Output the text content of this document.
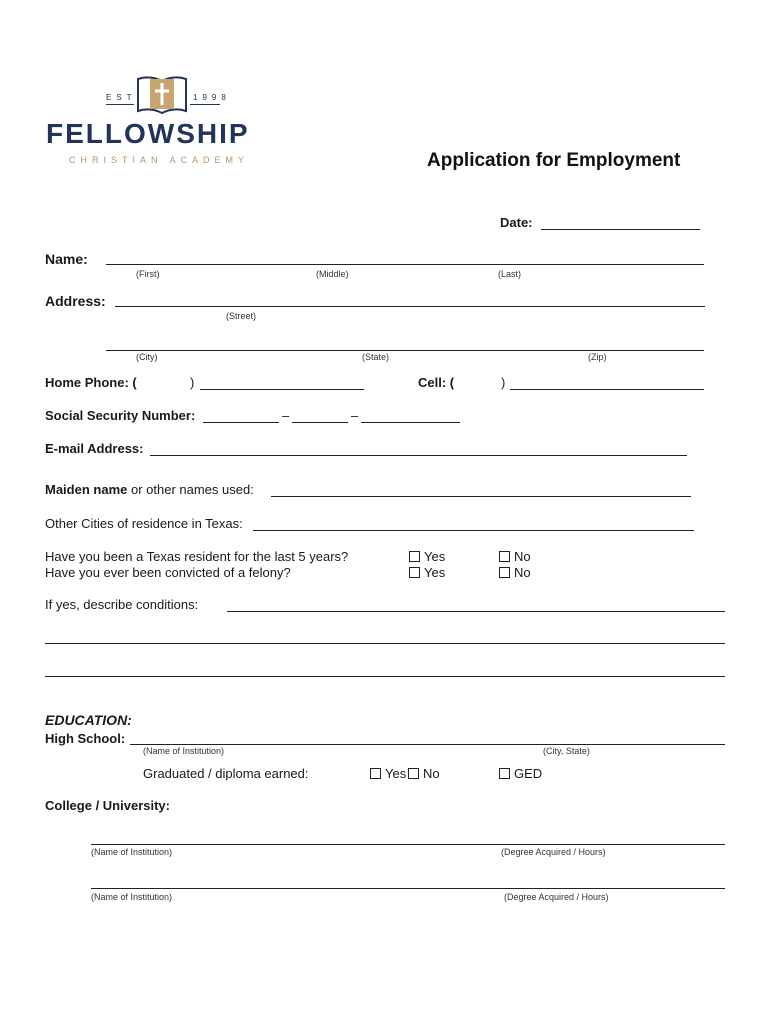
EST	1998
FELLOWSHIP
CHRISTIAN ACADEMY	Application for Employment
Date:
Name:
(First)	(Middle)	(Last)
Address:
(Street)
(City)	(State)	(Zip)
Home Phone: (	)	Cell: (	)
Social Security Number:	–	–
E-mail Address:
Maiden name or other names used:
Other Cities of residence in Texas:
Have you been a Texas resident for the last 5 years?	Yes	No
Have you ever been convicted of a felony?	Yes	No
If yes, describe conditions:
EDUCATION:
High School:
(Name of Institution)	(City, State)
Graduated / diploma earned:	Yes	No	GED
College / University:
(Name of Institution)	(Degree Acquired / Hours)
(Name of Institution)	(Degree Acquired / Hours)
